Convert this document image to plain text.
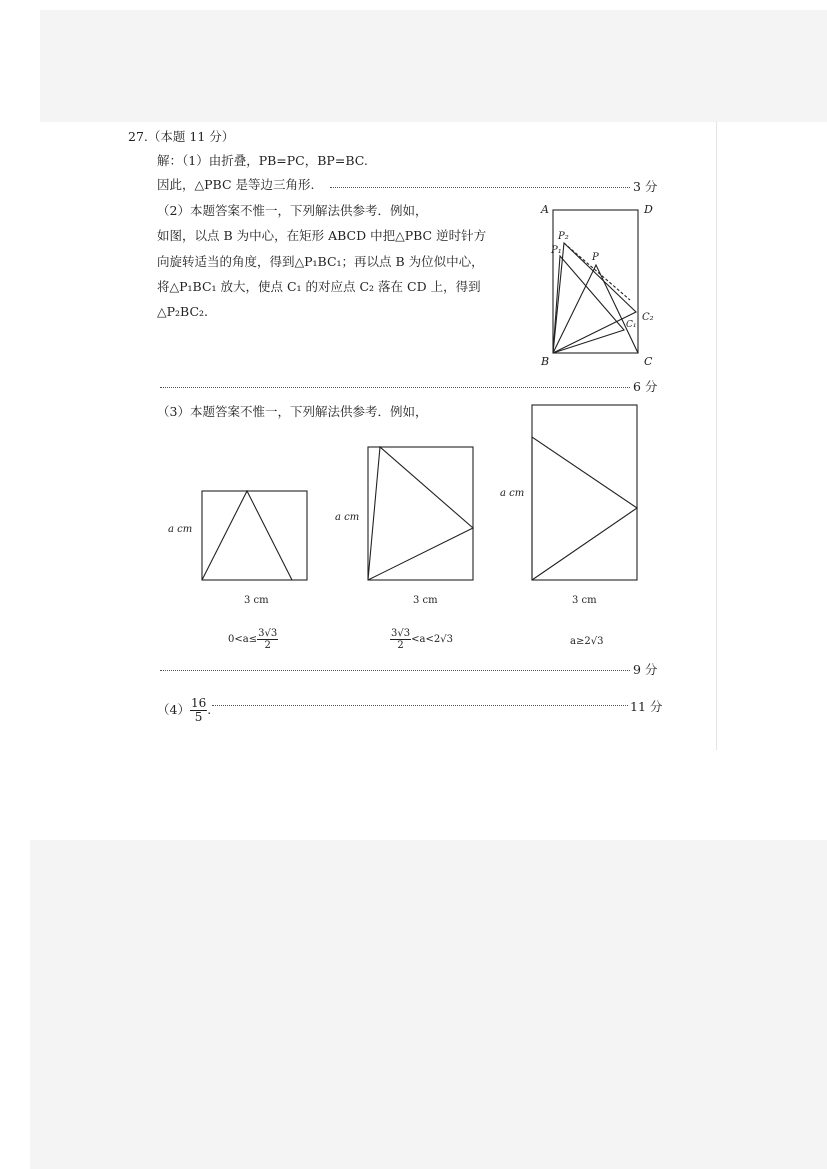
27.（本题 11 分）
解：（1）由折叠，PB=PC，BP=BC.
因此，△PBC 是等边三角形.	3 分
（2）本题答案不惟一，下列解法供参考．例如，
如图，以点 B 为中心，在矩形 ABCD 中把△PBC 逆时针方
向旋转适当的角度，得到△P₁BC₁；再以点 B 为位似中心，
将△P₁BC₁ 放大，使点 C₁ 的对应点 C₂ 落在 CD 上，得到
△P₂BC₂.
A	D
B	C
P₂
P₁
P
C₂
C₁
6 分
（3）本题答案不惟一，下列解法供参考．例如，
a cm
3 cm
$0<a\le \frac{3√3}{2}$
a cm
3 cm
$\frac{3√3}{2} <a<2√3$
a cm
3 cm
a≥2√3
9 分
$(4) \frac{16}{5}$ .	11 分
